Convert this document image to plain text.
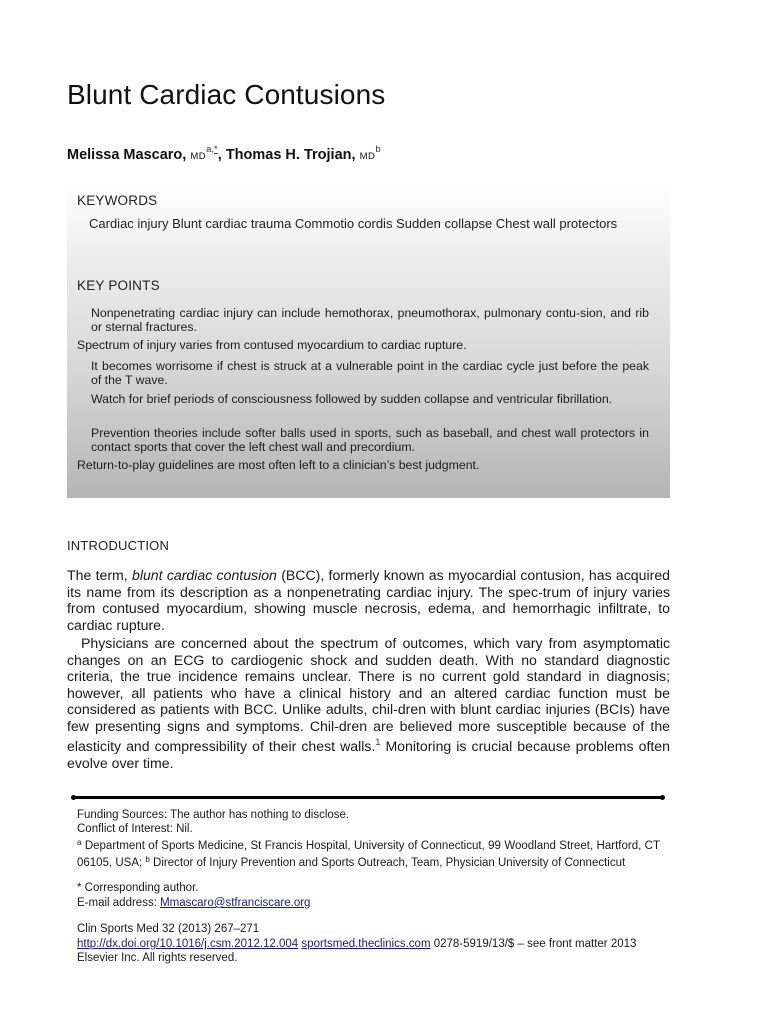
Blunt Cardiac Contusions
Melissa Mascaro, MD$^{a,*}$, Thomas H. Trojian, $MD^b$
KEYWORDS
Cardiac injury Blunt cardiac trauma Commotio cordis Sudden collapse Chest wall protectors
KEY POINTS
Nonpenetrating cardiac injury can include hemothorax, pneumothorax, pulmonary contu-sion, and rib or sternal fractures.
Spectrum of injury varies from contused myocardium to cardiac rupture.
It becomes worrisome if chest is struck at a vulnerable point in the cardiac cycle just before the peak of the T wave.
Watch for brief periods of consciousness followed by sudden collapse and ventricular fibrillation.
Prevention theories include softer balls used in sports, such as baseball, and chest wall protectors in contact sports that cover the left chest wall and precordium.
Return-to-play guidelines are most often left to a clinician’s best judgment.
INTRODUCTION

The term, blunt cardiac contusion (BCC), formerly known as myocardial contusion, has acquired its name from its description as a nonpenetrating cardiac injury. The spec-trum of injury varies from contused myocardium, showing muscle necrosis, edema, and hemorrhagic infiltrate, to cardiac rupture.

Physicians are concerned about the spectrum of outcomes, which vary from asymptomatic changes on an ECG to cardiogenic shock and sudden death. With no standard diagnostic criteria, the true incidence remains unclear. There is no current gold standard in diagnosis; however, all patients who have a clinical history and an altered cardiac function must be considered as patients with BCC. Unlike adults, chil-dren with blunt cardiac injuries (BCIs) have few presenting signs and symptoms. Chil-dren are believed more susceptible because of the elasticity and compressibility of their chest walls.$^1$ Monitoring is crucial because problems often evolve over time.

Funding Sources: The author has nothing to disclose.
Conflict of Interest: Nil.
$^a$ Department of Sports Medicine, St Francis Hospital, University of Connecticut, 99 Woodland Street, Hartford, CT 06105, USA; $^b$ Director of Injury Prevention and Sports Outreach, Team, Physician University of Connecticut
* Corresponding author.
E-mail address: Mmascaro@stfranciscare.org
Clin Sports Med 32 (2013) 267–271
http://dx.doi.org/10.1016/j.csm.2012.12.004 sportsmed.theclinics.com 0278-5919/13/$ – see front matter 2013 Elsevier Inc. All rights reserved.
